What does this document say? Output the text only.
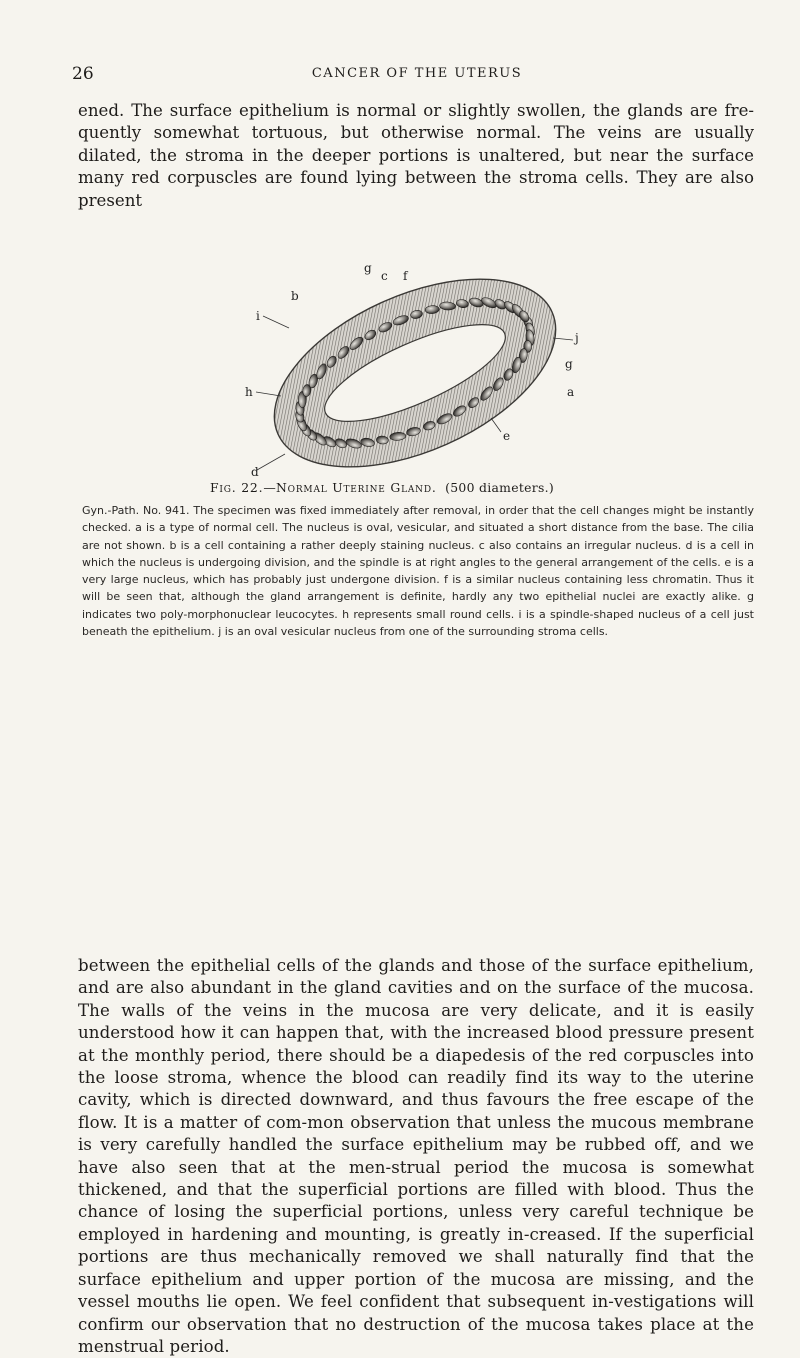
26	CANCER OF THE UTERUS

ened. The surface epithelium is normal or slightly swollen, the glands are fre-quently somewhat tortuous, but otherwise normal. The veins are usually dilated, the stroma in the deeper portions is unaltered, but near the surface many red corpuscles are found lying between the stroma cells. They are also present

g
c f
b
i
j
h
g
a
d
e
Fig. 22.—Normal Uterine Gland. (500 diameters.)

Gyn.-Path. No. 941. The specimen was fixed immediately after removal, in order that the cell changes might be instantly checked. a is a type of normal cell. The nucleus is oval, vesicular, and situated a short distance from the base. The cilia are not shown. b is a cell containing a rather deeply staining nucleus. c also contains an irregular nucleus. d is a cell in which the nucleus is undergoing division, and the spindle is at right angles to the general arrangement of the cells. e is a very large nucleus, which has probably just undergone division. f is a similar nucleus containing less chromatin. Thus it will be seen that, although the gland arrangement is definite, hardly any two epithelial nuclei are exactly alike. g indicates two poly-morphonuclear leucocytes. h represents small round cells. i is a spindle-shaped nucleus of a cell just beneath the epithelium. j is an oval vesicular nucleus from one of the surrounding stroma cells.

between the epithelial cells of the glands and those of the surface epithelium, and are also abundant in the gland cavities and on the surface of the mucosa. The walls of the veins in the mucosa are very delicate, and it is easily understood how it can happen that, with the increased blood pressure present at the monthly period, there should be a diapedesis of the red corpuscles into the loose stroma, whence the blood can readily find its way to the uterine cavity, which is directed downward, and thus favours the free escape of the flow. It is a matter of com-mon observation that unless the mucous membrane is very carefully handled the surface epithelium may be rubbed off, and we have also seen that at the men-strual period the mucosa is somewhat thickened, and that the superficial portions are filled with blood. Thus the chance of losing the superficial portions, unless very careful technique be employed in hardening and mounting, is greatly in-creased. If the superficial portions are thus mechanically removed we shall naturally find that the surface epithelium and upper portion of the mucosa are missing, and the vessel mouths lie open. We feel confident that subsequent in-vestigations will confirm our observation that no destruction of the mucosa takes place at the menstrual period.
